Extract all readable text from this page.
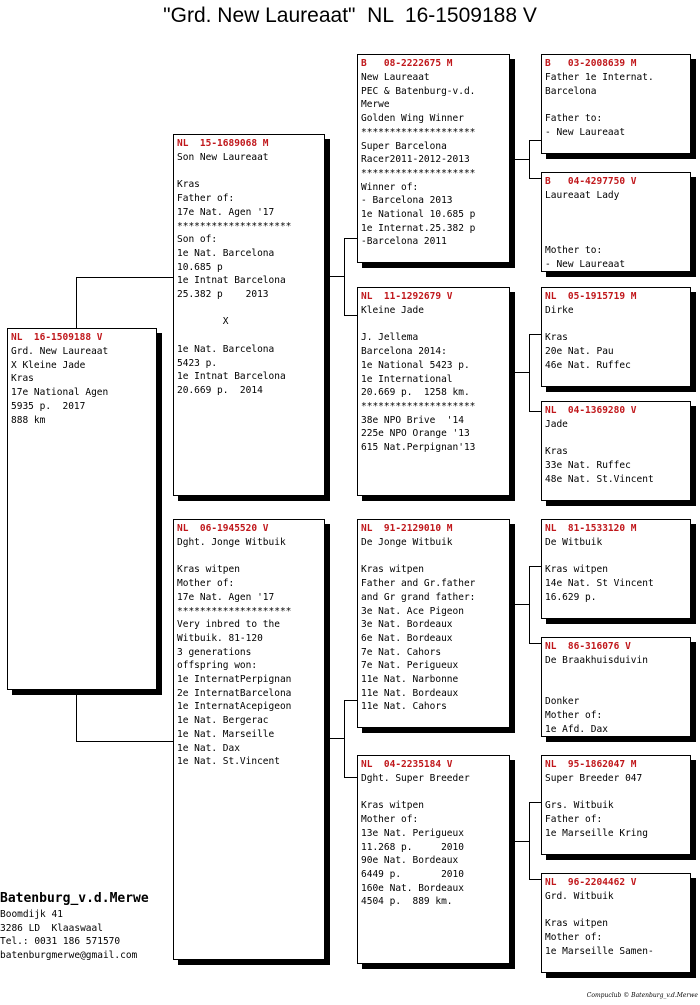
"Grd. New Laureaat"  NL  16-1509188 V
NL  16-1509188 V
Grd. New Laureaat
X Kleine Jade
Kras
17e National Agen
5935 p.  2017
888 km
NL  15-1689068 M
Son New Laureaat

Kras
Father of:
17e Nat. Agen '17
********************
Son of:
1e Nat. Barcelona
10.685 p
1e Intnat Barcelona
25.382 p    2013

X

1e Nat. Barcelona
5423 p.
1e Intnat Barcelona
20.669 p.  2014
NL  06-1945520 V
Dght. Jonge Witbuik

Kras witpen
Mother of:
17e Nat. Agen '17
********************
Very inbred to the
Witbuik. 81-120
3 generations
offspring won:
1e InternatPerpignan
2e InternatBarcelona
1e InternatAcepigeon
1e Nat. Bergerac
1e Nat. Marseille
1e Nat. Dax
1e Nat. St.Vincent
B   08-2222675 M
New Laureaat
PEC & Batenburg-v.d.
Merwe
Golden Wing Winner
********************
Super Barcelona
Racer2011-2012-2013
********************
Winner of:
- Barcelona 2013
1e National 10.685 p
1e Internat.25.382 p
-Barcelona 2011
NL  11-1292679 V
Kleine Jade

J. Jellema
Barcelona 2014:
1e National 5423 p.
1e International
20.669 p.  1258 km.
********************
38e NPO Brive  '14
225e NPO Orange '13
615 Nat.Perpignan'13
NL  91-2129010 M
De Jonge Witbuik

Kras witpen
Father and Gr.father
and Gr grand father:
3e Nat. Ace Pigeon
3e Nat. Bordeaux
6e Nat. Bordeaux
7e Nat. Cahors
7e Nat. Perigueux
11e Nat. Narbonne
11e Nat. Bordeaux
11e Nat. Cahors
NL  04-2235184 V
Dght. Super Breeder

Kras witpen
Mother of:
13e Nat. Perigueux
11.268 p.     2010
90e Nat. Bordeaux
6449 p.       2010
160e Nat. Bordeaux
4504 p.  889 km.
B   03-2008639 M
Father 1e Internat.
Barcelona

Father to:
- New Laureaat
B   04-4297750 V
Laureaat Lady

Mother to:
- New Laureaat
NL  05-1915719 M
Dirke

Kras
20e Nat. Pau
46e Nat. Ruffec
NL  04-1369280 V
Jade

Kras
33e Nat. Ruffec
48e Nat. St.Vincent
NL  81-1533120 M
De Witbuik

Kras witpen
14e Nat. St Vincent
16.629 p.
NL  86-316076 V
De Braakhuisduivin

Donker
Mother of:
1e Afd. Dax
NL  95-1862047 M
Super Breeder 047

Grs. Witbuik
Father of:
1e Marseille Kring
NL  96-2204462 V
Grd. Witbuik

Kras witpen
Mother of:
1e Marseille Samen-
Batenburg_v.d.Merwe
Boomdijk 41
3286 LD  Klaaswaal
Tel.: 0031 186 571570
batenburgmerwe@gmail.com
Compuclub © Batenburg_v.d.Merwe
